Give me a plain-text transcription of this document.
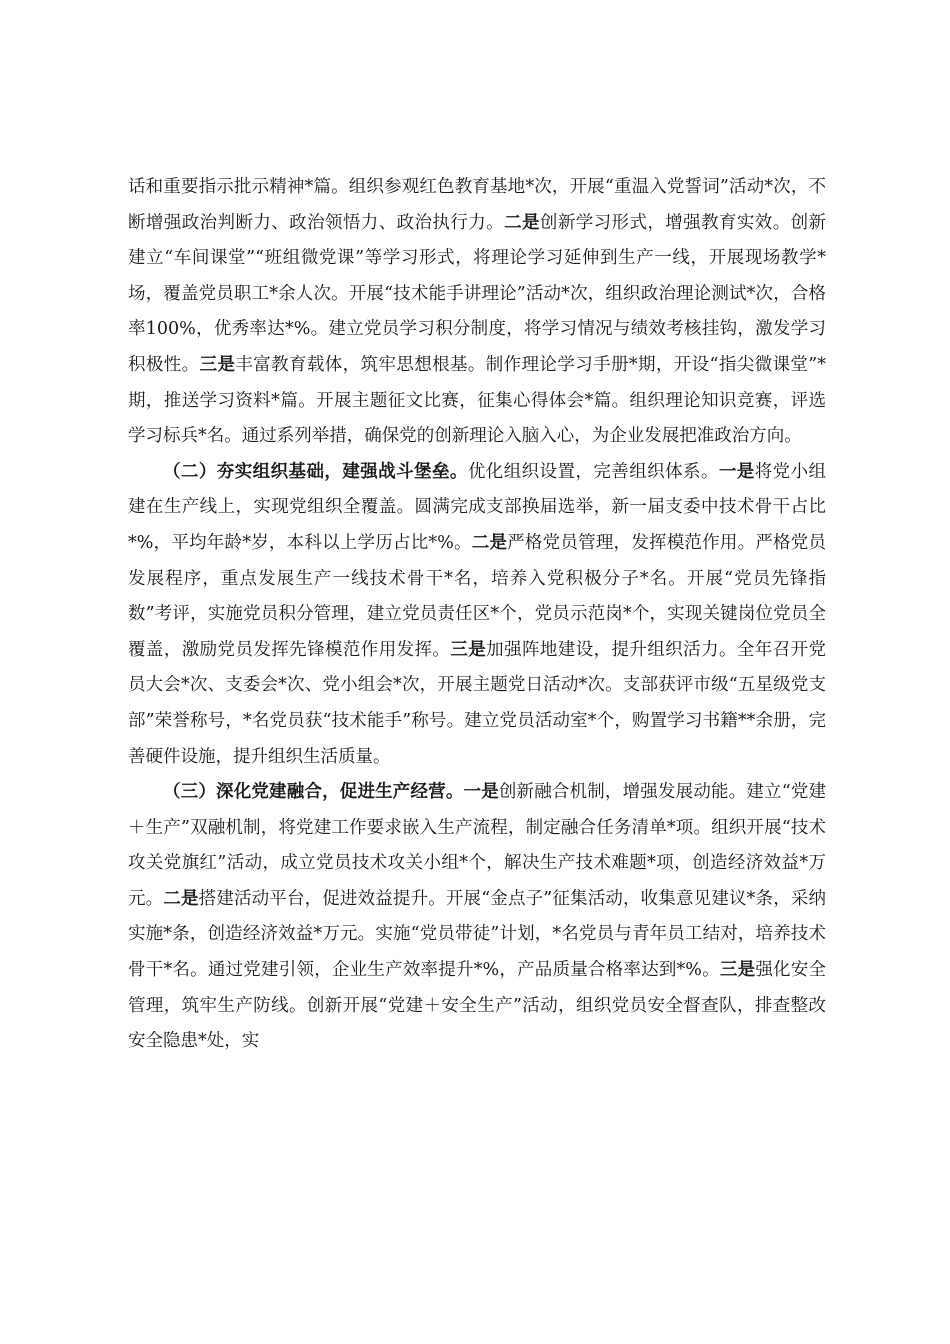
话和重要指示批示精神*篇。组织参观红色教育基地*次，开展“重温入党誓词”活动*次，不断增强政治判断力、政治领悟力、政治执行力。二是创新学习形式，增强教育实效。创新建立“车间课堂”“班组微党课”等学习形式，将理论学习延伸到生产一线，开展现场教学*场，覆盖党员职工*余人次。开展“技术能手讲理论”活动*次，组织政治理论测试*次，合格率100%，优秀率达*%。建立党员学习积分制度，将学习情况与绩效考核挂钩，激发学习积极性。三是丰富教育载体，筑牢思想根基。制作理论学习手册*期，开设“指尖微课堂”*期，推送学习资料*篇。开展主题征文比赛，征集心得体会*篇。组织理论知识竞赛，评选学习标兵*名。通过系列举措，确保党的创新理论入脑入心，为企业发展把准政治方向。

（二）夯实组织基础，建强战斗堡垒。优化组织设置，完善组织体系。一是将党小组建在生产线上，实现党组织全覆盖。圆满完成支部换届选举，新一届支委中技术骨干占比*%，平均年龄*岁，本科以上学历占比*%。二是严格党员管理，发挥模范作用。严格党员发展程序，重点发展生产一线技术骨干*名，培养入党积极分子*名。开展“党员先锋指数”考评，实施党员积分管理，建立党员责任区*个，党员示范岗*个，实现关键岗位党员全覆盖，激励党员发挥先锋模范作用发挥。三是加强阵地建设，提升组织活力。全年召开党员大会*次、支委会*次、党小组会*次，开展主题党日活动*次。支部获评市级“五星级党支部”荣誉称号，*名党员获“技术能手”称号。建立党员活动室*个，购置学习书籍**余册，完善硬件设施，提升组织生活质量。

（三）深化党建融合，促进生产经营。一是创新融合机制，增强发展动能。建立“党建＋生产”双融机制，将党建工作要求嵌入生产流程，制定融合任务清单*项。组织开展“技术攻关党旗红”活动，成立党员技术攻关小组*个，解决生产技术难题*项，创造经济效益*万元。二是搭建活动平台，促进效益提升。开展“金点子”征集活动，收集意见建议*条，采纳实施*条，创造经济效益*万元。实施“党员带徒”计划，*名党员与青年员工结对，培养技术骨干*名。通过党建引领，企业生产效率提升*%，产品质量合格率达到*%。三是强化安全管理，筑牢生产防线。创新开展“党建＋安全生产”活动，组织党员安全督查队，排查整改安全隐患*处，实
